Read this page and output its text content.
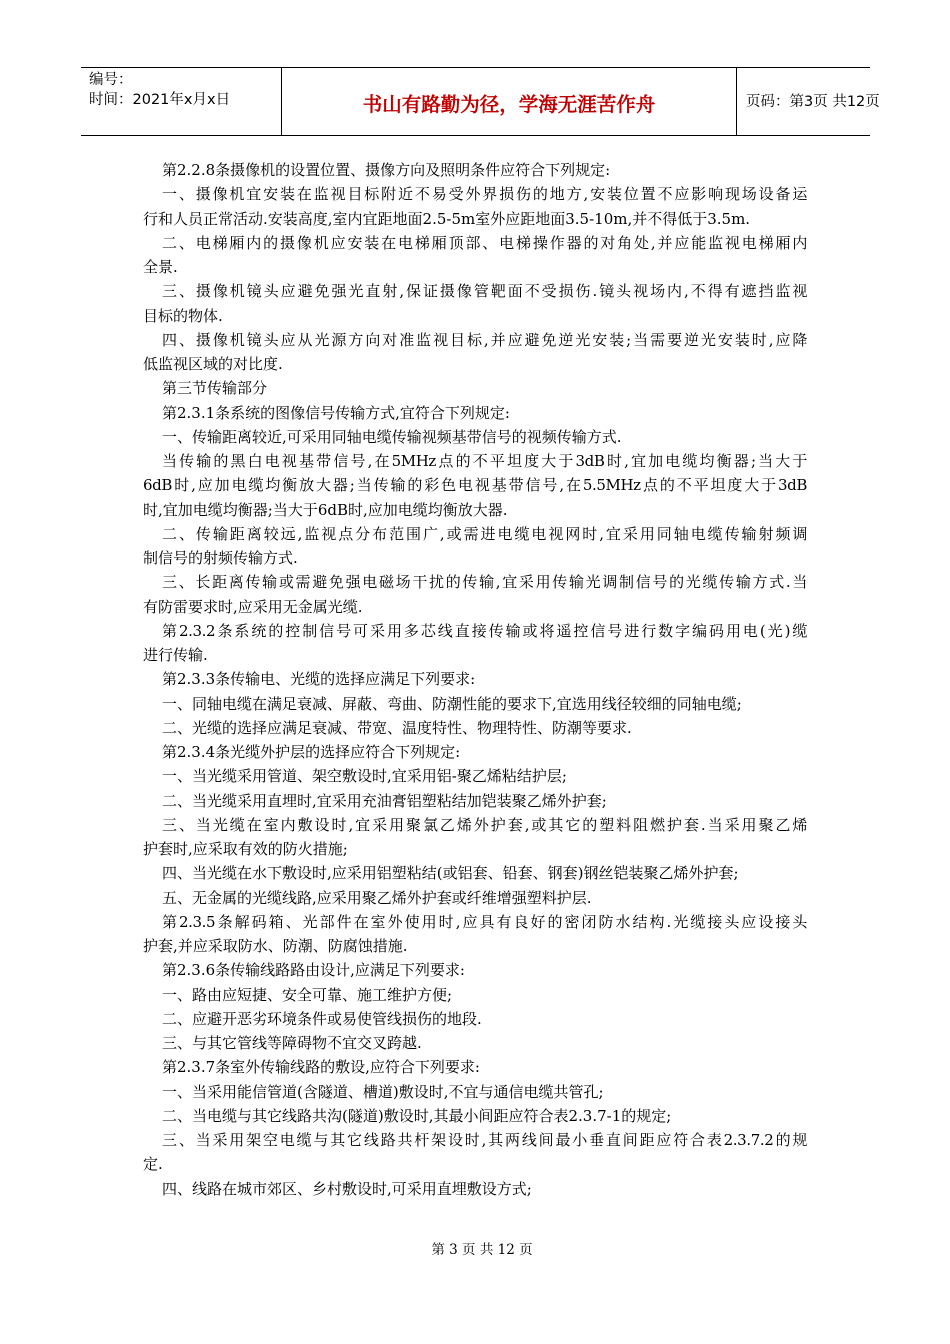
编号：
时间：2021年x月x日	书山有路勤为径，学海无涯苦作舟	页码：第3页 共12页
第2.2.8条摄像机的设置位置、摄像方向及照明条件应符合下列规定:
一、摄像机宜安装在监视目标附近不易受外界损伤的地方,安装位置不应影响现场设备运
行和人员正常活动.安装高度,室内宜距地面2.5-5m室外应距地面3.5-10m,并不得低于3.5m.
二、电梯厢内的摄像机应安装在电梯厢顶部、电梯操作器的对角处,并应能监视电梯厢内
全景.
三、摄像机镜头应避免强光直射,保证摄像管靶面不受损伤.镜头视场内,不得有遮挡监视
目标的物体.
四、摄像机镜头应从光源方向对准监视目标,并应避免逆光安装;当需要逆光安装时,应降
低监视区域的对比度.
第三节传输部分
第2.3.1条系统的图像信号传输方式,宜符合下列规定:
一、传输距离较近,可采用同轴电缆传输视频基带信号的视频传输方式.
当传输的黑白电视基带信号,在5MHz点的不平坦度大于3dB时,宜加电缆均衡器;当大于
6dB时,应加电缆均衡放大器;当传输的彩色电视基带信号,在5.5MHz点的不平坦度大于3dB
时,宜加电缆均衡器;当大于6dB时,应加电缆均衡放大器.
二、传输距离较远,监视点分布范围广,或需进电缆电视网时,宜采用同轴电缆传输射频调
制信号的射频传输方式.
三、长距离传输或需避免强电磁场干扰的传输,宜采用传输光调制信号的光缆传输方式.当
有防雷要求时,应采用无金属光缆.
第2.3.2条系统的控制信号可采用多芯线直接传输或将遥控信号进行数字编码用电(光)缆
进行传输.
第2.3.3条传输电、光缆的选择应满足下列要求:
一、同轴电缆在满足衰减、屏蔽、弯曲、防潮性能的要求下,宜选用线径较细的同轴电缆;
二、光缆的选择应满足衰减、带宽、温度特性、物理特性、防潮等要求.
第2.3.4条光缆外护层的选择应符合下列规定:
一、当光缆采用管道、架空敷设时,宜采用铝-聚乙烯粘结护层;
二、当光缆采用直埋时,宜采用充油膏铝塑粘结加铠装聚乙烯外护套;
三、当光缆在室内敷设时,宜采用聚氯乙烯外护套,或其它的塑料阻燃护套.当采用聚乙烯
护套时,应采取有效的防火措施;
四、当光缆在水下敷设时,应采用铝塑粘结(或铝套、铅套、钢套)钢丝铠装聚乙烯外护套;
五、无金属的光缆线路,应采用聚乙烯外护套或纤维增强塑料护层.
第2.3.5条解码箱、光部件在室外使用时,应具有良好的密闭防水结构.光缆接头应设接头
护套,并应采取防水、防潮、防腐蚀措施.
第2.3.6条传输线路路由设计,应满足下列要求:
一、路由应短捷、安全可靠、施工维护方便;
二、应避开恶劣环境条件或易使管线损伤的地段.
三、与其它管线等障碍物不宜交叉跨越.
第2.3.7条室外传输线路的敷设,应符合下列要求:
一、当采用能信管道(含隧道、槽道)敷设时,不宜与通信电缆共管孔;
二、当电缆与其它线路共沟(隧道)敷设时,其最小间距应符合表2.3.7-1的规定;
三、当采用架空电缆与其它线路共杆架设时,其两线间最小垂直间距应符合表2.3.7.2的规
定.
四、线路在城市郊区、乡村敷设时,可采用直埋敷设方式;
第 3 页 共 12 页
